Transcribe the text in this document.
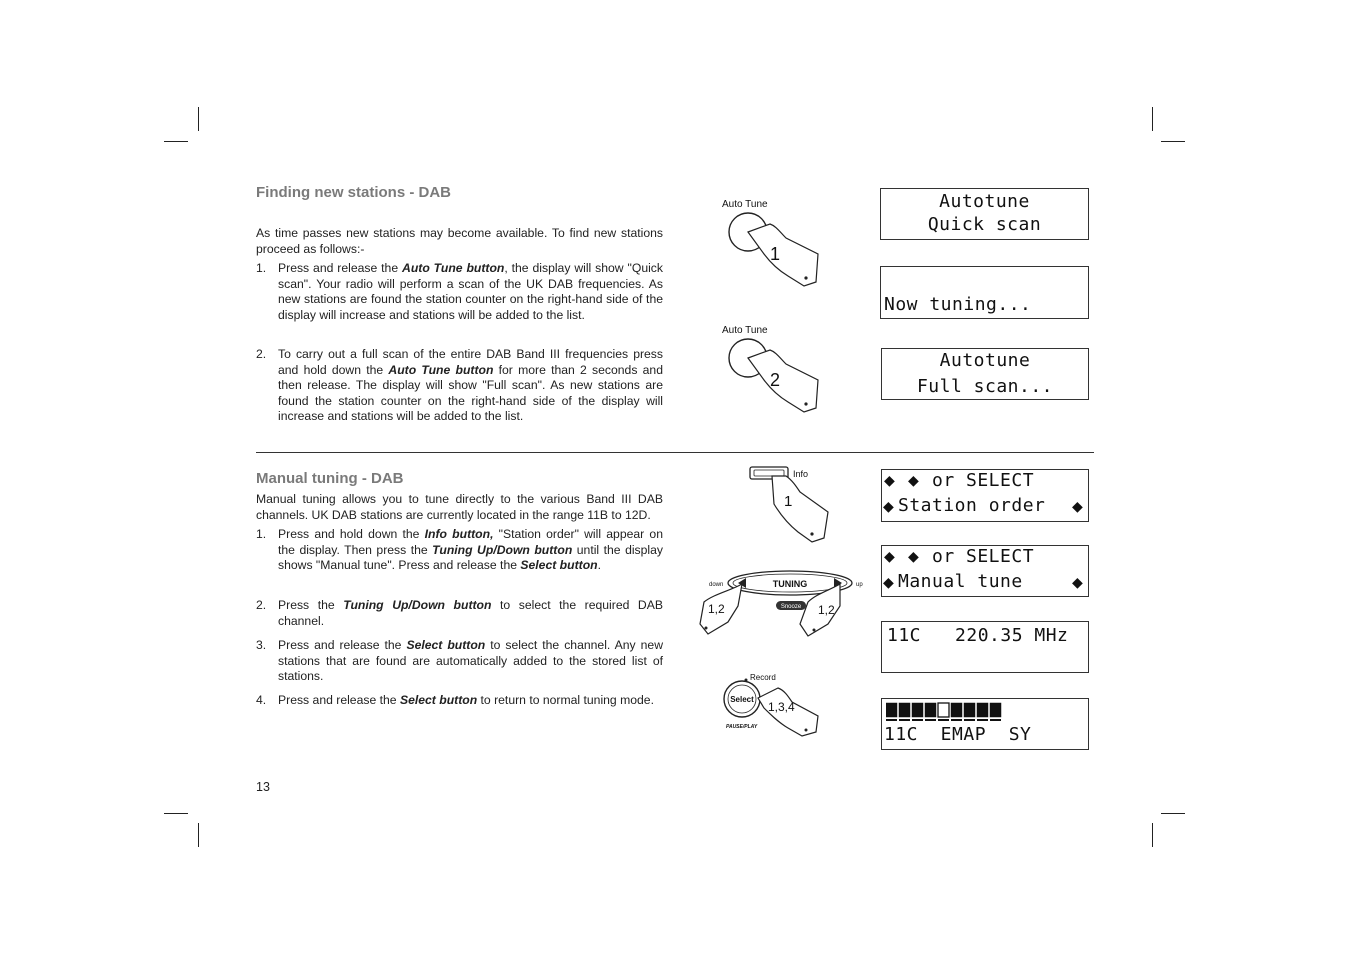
Finding new stations - DAB

As time passes new stations may become available. To find new stations proceed as follows:-

1. Press and release the Auto Tune button, the display will show "Quick scan". Your radio will perform a scan of the UK DAB frequencies. As new stations are found the station counter on the right-hand side of the display will increase and stations will be added to the list.
2. To carry out a full scan of the entire DAB Band III frequencies press and hold down the Auto Tune button for more than 2 seconds and then release. The display will show "Full scan". As new stations are found the station counter on the right-hand side of the display will increase and stations will be added to the list.
Manual tuning - DAB

Manual tuning allows you to tune directly to the various Band III DAB channels. UK DAB stations are currently located in the range 11B to 12D.

1. Press and hold down the Info button, "Station order" will appear on the display. Then press the Tuning Up/Down button until the display shows "Manual tune". Press and release the Select button.
2. Press the Tuning Up/Down button to select the required DAB channel.
3. Press and release the Select button to select the channel. Any new stations that are found are automatically added to the stored list of stations.
4. Press and release the Select button to return to normal tuning mode.
13
Auto Tune
1
Auto Tune
2
Info
1
TUNING
down	up
Snooze
1,2	1,2
Record
Select
PAUSE/PLAY
1,3,4
Autotune
Quick scan
Now tuning...
Autotune
Full scan...
◆ ◆ or SELECT
◆ Station order	◆
◆ ◆ or SELECT
◆ Manual tune	◆
11C   220.35 MHz
11C  EMAP  SY
